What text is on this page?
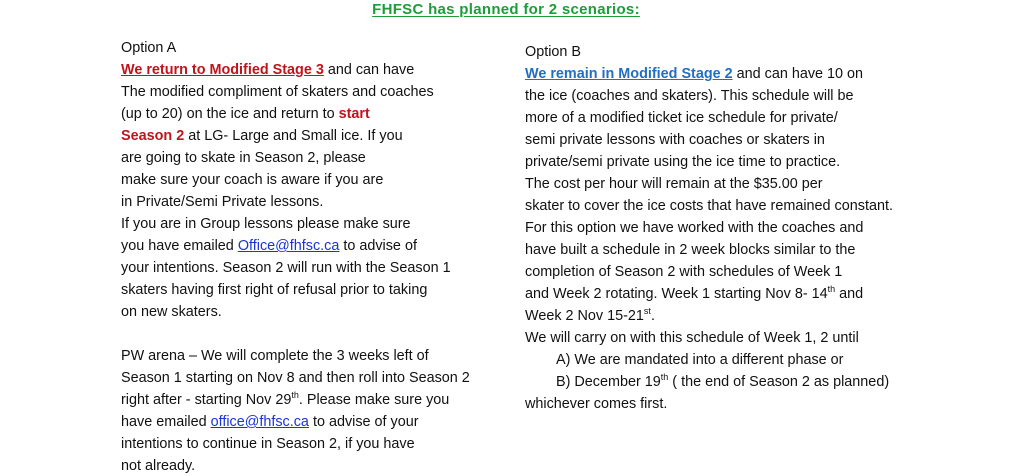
FHFSC has planned for 2 scenarios:
Option A
We return to Modified Stage 3 and can have
The modified compliment of skaters and coaches
(up to 20) on the ice and return to start
Season 2 at LG- Large and Small ice. If you
are going to skate in Season 2, please
make sure your coach is aware if you are
in Private/Semi Private lessons.
If you are in Group lessons please make sure
you have emailed Office@fhfsc.ca to advise of
your intentions. Season 2 will run with the Season 1
skaters having first right of refusal prior to taking
on new skaters.
PW arena – We will complete the 3 weeks left of
Season 1 starting on Nov 8 and then roll into Season 2
right after - starting Nov 29th. Please make sure you
have emailed office@fhfsc.ca to advise of your
intentions to continue in Season 2, if you have
not already.
Option B
We remain in Modified Stage 2 and can have 10 on
the ice (coaches and skaters). This schedule will be
more of a modified ticket ice schedule for private/
semi private lessons with coaches or skaters in
private/semi private using the ice time to practice.
The cost per hour will remain at the $35.00 per
skater to cover the ice costs that have remained constant.
For this option we have worked with the coaches and
have built a schedule in 2 week blocks similar to the
completion of Season 2 with schedules of Week 1
and Week 2 rotating. Week 1 starting Nov 8- 14th and
Week 2 Nov 15-21st.
We will carry on with this schedule of Week 1, 2 until
A) We are mandated into a different phase or
B) December 19th ( the end of Season 2 as planned)
whichever comes first.
